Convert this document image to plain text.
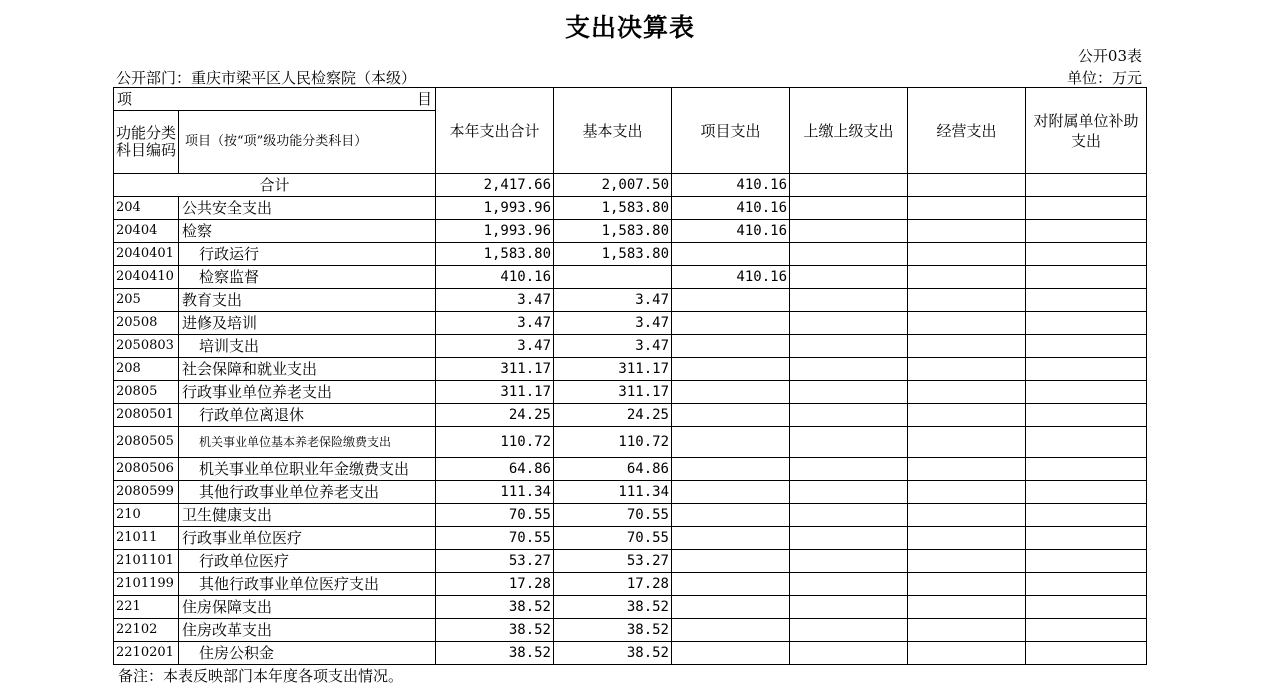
支出决算表
公开03表
公开部门：重庆市梁平区人民检察院（本级）	单位：万元
项 目		本年支出合计	基本支出	项目支出	上缴上级支出	经营支出	对附属单位补助支出
功能分类科目编码	项目（按“项”级功能分类科目）						
合计		2,417.66	2,007.50	410.16			
204	公共安全支出	1,993.96	1,583.80	410.16			
20404	检察	1,993.96	1,583.80	410.16			
2040401	行政运行	1,583.80	1,583.80				
2040410	检察监督	410.16		410.16			
205	教育支出	3.47	3.47				
20508	进修及培训	3.47	3.47				
2050803	培训支出	3.47	3.47				
208	社会保障和就业支出	311.17	311.17				
20805	行政事业单位养老支出	311.17	311.17				
2080501	行政单位离退休	24.25	24.25				
2080505	机关事业单位基本养老保险缴费支出	110.72	110.72				
2080506	机关事业单位职业年金缴费支出	64.86	64.86				
2080599	其他行政事业单位养老支出	111.34	111.34				
210	卫生健康支出	70.55	70.55				
21011	行政事业单位医疗	70.55	70.55				
2101101	行政单位医疗	53.27	53.27				
2101199	其他行政事业单位医疗支出	17.28	17.28				
221	住房保障支出	38.52	38.52				
22102	住房改革支出	38.52	38.52				
2210201	住房公积金	38.52	38.52				
备注：本表反映部门本年度各项支出情况。
